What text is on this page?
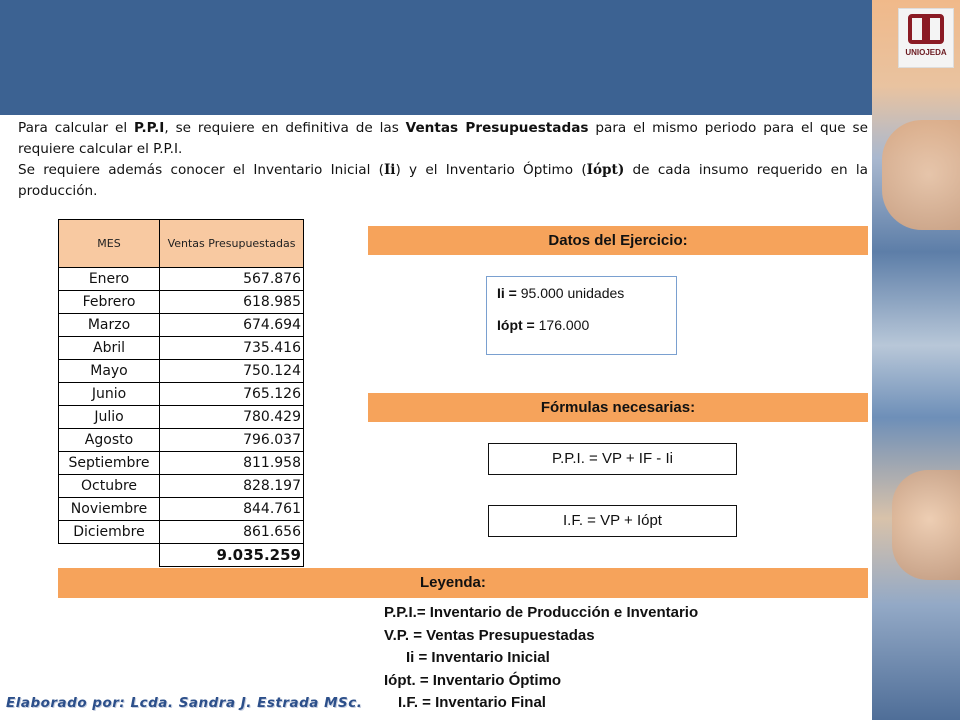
UNIOJEDA

Para calcular el P.P.I, se requiere en definitiva de las Ventas Presupuestadas para el mismo periodo para el que se requiere calcular el P.P.I.

Se requiere además conocer el Inventario Inicial (Ii) y el Inventario Óptimo (Iópt) de cada insumo requerido en la producción.

MES	Ventas Presupuestadas
Enero	567.876
Febrero	618.985
Marzo	674.694
Abril	735.416
Mayo	750.124
Junio	765.126
Julio	780.429
Agosto	796.037
Septiembre	811.958
Octubre	828.197
Noviembre	844.761
Diciembre	861.656
	9.035.259
Datos del Ejercicio:
Ii = 95.000 unidades
Iópt = 176.000
Fórmulas necesarias:
P.P.I. = VP + IF - Ii
I.F. = VP + Iópt
Leyenda:
P.P.I.= Inventario de Producción e Inventario
V.P. = Ventas Presupuestadas
Ii = Inventario Inicial
Iópt. = Inventario Óptimo
I.F. = Inventario Final
Elaborado por: Lcda. Sandra J. Estrada MSc.
